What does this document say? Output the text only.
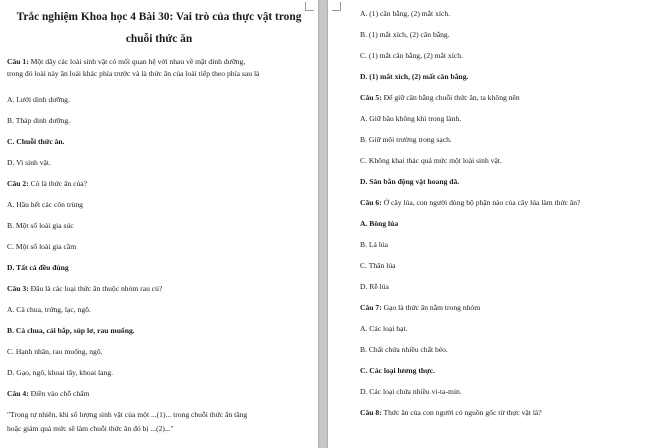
Trắc nghiệm Khoa học 4 Bài 30: Vai trò của thực vật trong
chuỗi thức ăn
Câu 1: Một dãy các loài sinh vật có mối quan hệ với nhau về mặt dinh dưỡng,
trong đó loài này ăn loài khác phía trước và là thức ăn của loài tiếp theo phía sau là
A. Lưới dinh dưỡng.
B. Tháp dinh dưỡng.
C. Chuỗi thức ăn.
D. Vi sinh vật.
Câu 2: Cỏ là thức ăn của?
A. Hầu hết các côn trùng
B. Một số loài gia súc
C. Một số loài gia cầm
D. Tất cả đều đúng
Câu 3: Đâu là các loại thức ăn thuộc nhóm rau củ?
A. Cà chua, trứng, lạc, ngô.
B. Cà chua, cải bắp, súp lơ, rau muống.
C. Hạnh nhân, rau muống, ngô.
D. Gạo, ngô, khoai tây, khoai lang.
Câu 4: Điền vào chỗ chấm
"Trong tự nhiên, khi số lượng sinh vật của một ...(1)... trong chuỗi thức ăn tăng
hoặc giảm quá mức sẽ làm chuỗi thức ăn đó bị ...(2)..."
A. (1) cân bằng, (2) mắt xích.
B. (1) mắt xích, (2) cân bằng.
C. (1) mắt cân bằng, (2) mắt xích.
D. (1) mắt xích, (2) mất cân bằng.
Câu 5: Để giữ cân bằng chuỗi thức ăn, ta không nên
A. Giữ bầu không khí trong lành.
B. Giữ môi trường trong sạch.
C. Không khai thác quá mức một loài sinh vật.
D. Săn bắn động vật hoang dã.
Câu 6: Ở cây lúa, con người dùng bộ phận nào của cây lúa làm thức ăn?
A. Bông lúa
B. Lá lúa
C. Thân lúa
D. Rễ lúa
Câu 7: Gạo là thức ăn nằm trong nhóm
A. Các loại hạt.
B. Chất chứa nhiều chất béo.
C. Các loại lương thực.
D. Các loại chứa nhiều vi-ta-min.
Câu 8: Thức ăn của con người có nguồn gốc từ thực vật là?
